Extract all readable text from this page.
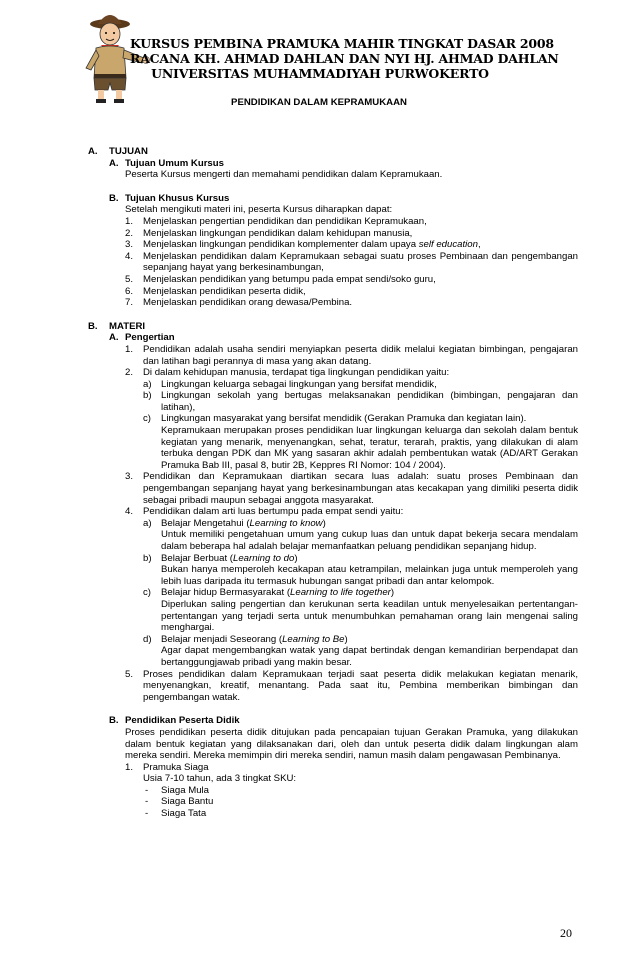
KURSUS PEMBINA PRAMUKA MAHIR TINGKAT DASAR 2008
RACANA KH. AHMAD DAHLAN DAN NYI HJ. AHMAD DAHLAN
UNIVERSITAS MUHAMMADIYAH PURWOKERTO
PENDIDIKAN DALAM KEPRAMUKAAN
A. TUJUAN
A. Tujuan Umum Kursus
Peserta Kursus mengerti dan memahami pendidikan dalam Kepramukaan.
B. Tujuan Khusus Kursus
Setelah mengikuti materi ini, peserta Kursus diharapkan dapat:
1. Menjelaskan pengertian pendidikan dan pendidikan Kepramukaan,
2. Menjelaskan lingkungan pendidikan dalam kehidupan manusia,
3. Menjelaskan lingkungan pendidikan komplementer dalam upaya self education,
4. Menjelaskan pendidikan dalam Kepramukaan sebagai suatu proses Pembinaan dan pengembangan sepanjang hayat yang berkesinambungan,
5. Menjelaskan pendidikan yang betumpu pada empat sendi/soko guru,
6. Menjelaskan pendidikan peserta didik,
7. Menjelaskan pendidikan orang dewasa/Pembina.
B. MATERI
A. Pengertian
1. Pendidikan adalah usaha sendiri menyiapkan peserta didik melalui kegiatan bimbingan, pengajaran dan latihan bagi perannya di masa yang akan datang.
2. Di dalam kehidupan manusia, terdapat tiga lingkungan pendidikan yaitu:
a) Lingkungan keluarga sebagai lingkungan yang bersifat mendidik,
b) Lingkungan sekolah yang bertugas melaksanakan pendidikan (bimbingan, pengajaran dan latihan),
c) Lingkungan masyarakat yang bersifat mendidik (Gerakan Pramuka dan kegiatan lain).
Kepramukaan merupakan proses pendidikan luar lingkungan keluarga dan sekolah dalam bentuk kegiatan yang menarik, menyenangkan, sehat, teratur, terarah, praktis, yang dilakukan di alam terbuka dengan PDK dan MK yang sasaran akhir adalah pembentukan watak (AD/ART Gerakan Pramuka Bab III, pasal 8, butir 2B, Keppres RI Nomor: 104 / 2004).
3. Pendidikan dan Kepramukaan diartikan secara luas adalah: suatu proses Pembinaan dan pengembangan sepanjang hayat yang berkesinambungan atas kecakapan yang dimiliki peserta didik sebagai pribadi maupun sebagai anggota masyarakat.
4. Pendidikan dalam arti luas bertumpu pada empat sendi yaitu:
a) Belajar Mengetahui (Learning to know)
Untuk memiliki pengetahuan umum yang cukup luas dan untuk dapat bekerja secara mendalam dalam beberapa hal adalah belajar memanfaatkan peluang pendidikan sepanjang hidup.
b) Belajar Berbuat (Learning to do)
Bukan hanya memperoleh kecakapan atau ketrampilan, melainkan juga untuk memperoleh yang lebih luas daripada itu termasuk hubungan sangat pribadi dan antar kelompok.
c) Belajar hidup Bermasyarakat (Learning to life together)
Diperlukan saling pengertian dan kerukunan serta keadilan untuk menyelesaikan pertentangan-pertentangan yang terjadi serta untuk menumbuhkan pemahaman orang lain mengenai saling menghargai.
d) Belajar menjadi Seseorang (Learning to Be)
Agar dapat mengembangkan watak yang dapat bertindak dengan kemandirian berpendapat dan bertanggungjawab pribadi yang makin besar.
5. Proses pendidikan dalam Kepramukaan terjadi saat peserta didik melakukan kegiatan menarik, menyenangkan, kreatif, menantang. Pada saat itu, Pembina memberikan bimbingan dan pengembangan watak.
B. Pendidikan Peserta Didik
Proses pendidikan peserta didik ditujukan pada pencapaian tujuan Gerakan Pramuka, yang dilakukan dalam bentuk kegiatan yang dilaksanakan dari, oleh dan untuk peserta didik dalam lingkungan alam mereka sendiri. Mereka memimpin diri mereka sendiri, namun masih dalam pengawasan Pembinanya.
1. Pramuka Siaga
Usia 7-10 tahun, ada 3 tingkat SKU:
- Siaga Mula
- Siaga Bantu
- Siaga Tata
20
